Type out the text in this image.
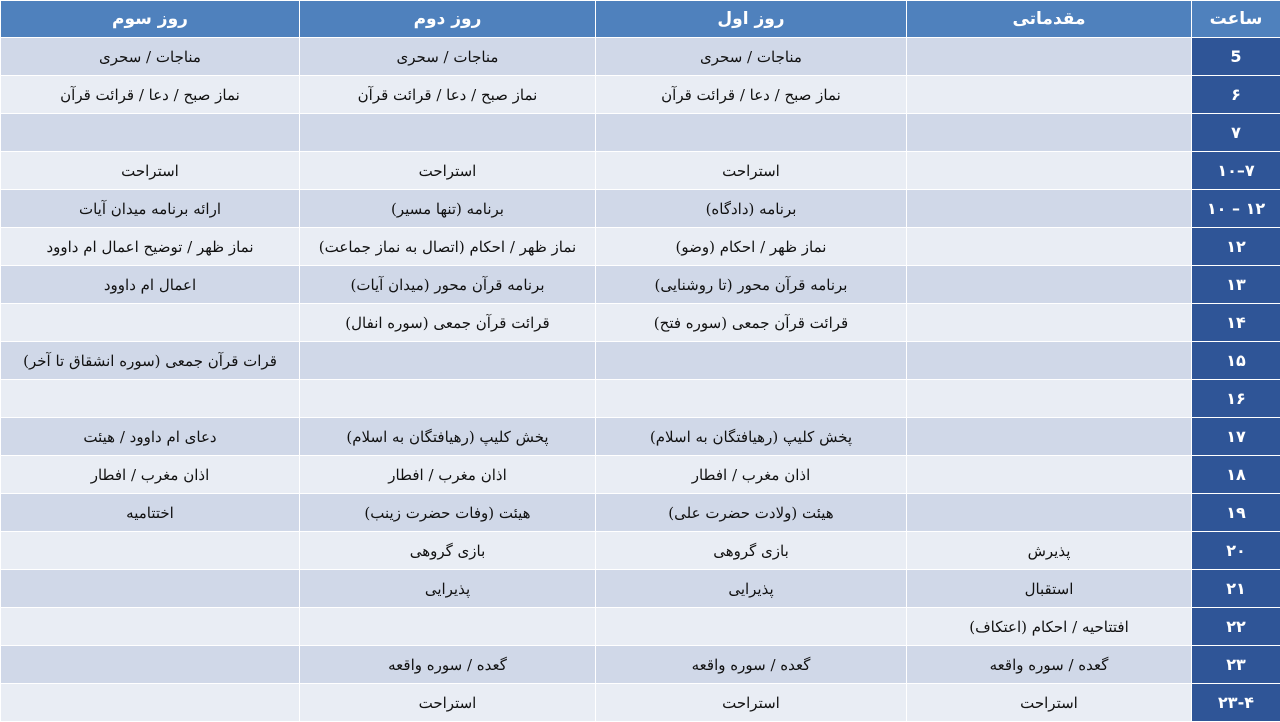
ساعت	مقدماتی	روز اول	روز دوم	روز سوم
5		مناجات / سحری	مناجات / سحری	مناجات / سحری
۶		نماز صبح / دعا / قرائت قرآن	نماز صبح / دعا / قرائت قرآن	نماز صبح / دعا / قرائت قرآن
۷				
۱۰–۷		استراحت	استراحت	استراحت
۱۰ – ۱۲		برنامه (دادگاه)	برنامه (تنها مسیر)	ارائه برنامه میدان آیات
۱۲		نماز ظهر / احکام (وضو)	نماز ظهر / احکام (اتصال به نماز جماعت)	نماز ظهر / توضیح اعمال ام داوود
۱۳		برنامه قرآن محور (تا روشنایی)	برنامه قرآن محور (میدان آیات)	اعمال ام داوود
۱۴		قرائت قرآن جمعی (سوره فتح)	قرائت قرآن جمعی (سوره انفال)	
۱۵				قرات قرآن جمعی (سوره انشقاق تا آخر)
۱۶				
۱۷		پخش کلیپ (رهیافتگان به اسلام)	پخش کلیپ (رهیافتگان به اسلام)	دعای ام داوود / هیئت
۱۸		اذان مغرب / افطار	اذان مغرب / افطار	اذان مغرب / افطار
۱۹		هیئت (ولادت حضرت علی)	هیئت (وفات حضرت زینب)	اختتامیه
۲۰	پذیرش	بازی گروهی	بازی گروهی	
۲۱	استقبال	پذیرایی	پذیرایی	
۲۲	افتتاحیه / احکام (اعتکاف)			
۲۳	گعده / سوره واقعه	گعده / سوره واقعه	گعده / سوره واقعه	
۲۳-۴	استراحت	استراحت	استراحت	
